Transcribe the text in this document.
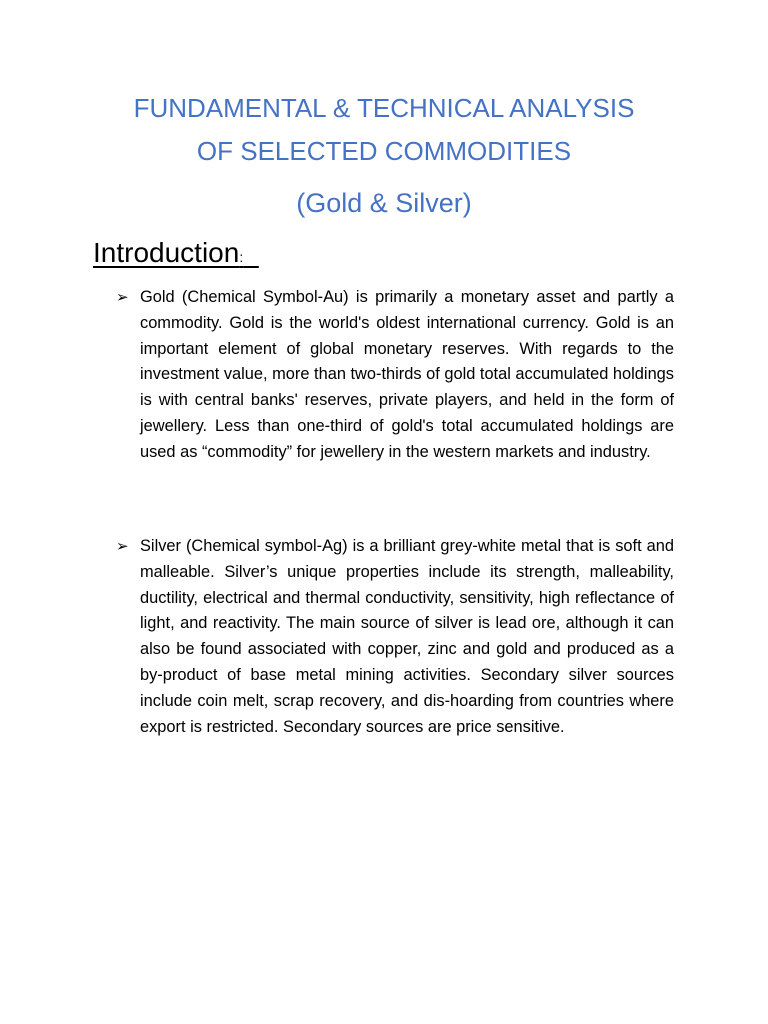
FUNDAMENTAL & TECHNICAL ANALYSIS
OF SELECTED COMMODITIES
(Gold & Silver)
Introduction:
➢ Gold (Chemical Symbol-Au) is primarily a monetary asset and partly a commodity. Gold is the world's oldest international currency. Gold is an important element of global monetary reserves. With regards to the investment value, more than two-thirds of gold total accumulated holdings is with central banks' reserves, private players, and held in the form of jewellery. Less than one-third of gold's total accumulated holdings are used as “commodity” for jewellery in the western markets and industry.

➢ Silver (Chemical symbol-Ag) is a brilliant grey-white metal that is soft and malleable. Silver’s unique properties include its strength, malleability, ductility, electrical and thermal conductivity, sensitivity, high reflectance of light, and reactivity. The main source of silver is lead ore, although it can also be found associated with copper, zinc and gold and produced as a by-product of base metal mining activities. Secondary silver sources include coin melt, scrap recovery, and dis-hoarding from countries where export is restricted. Secondary sources are price sensitive.
